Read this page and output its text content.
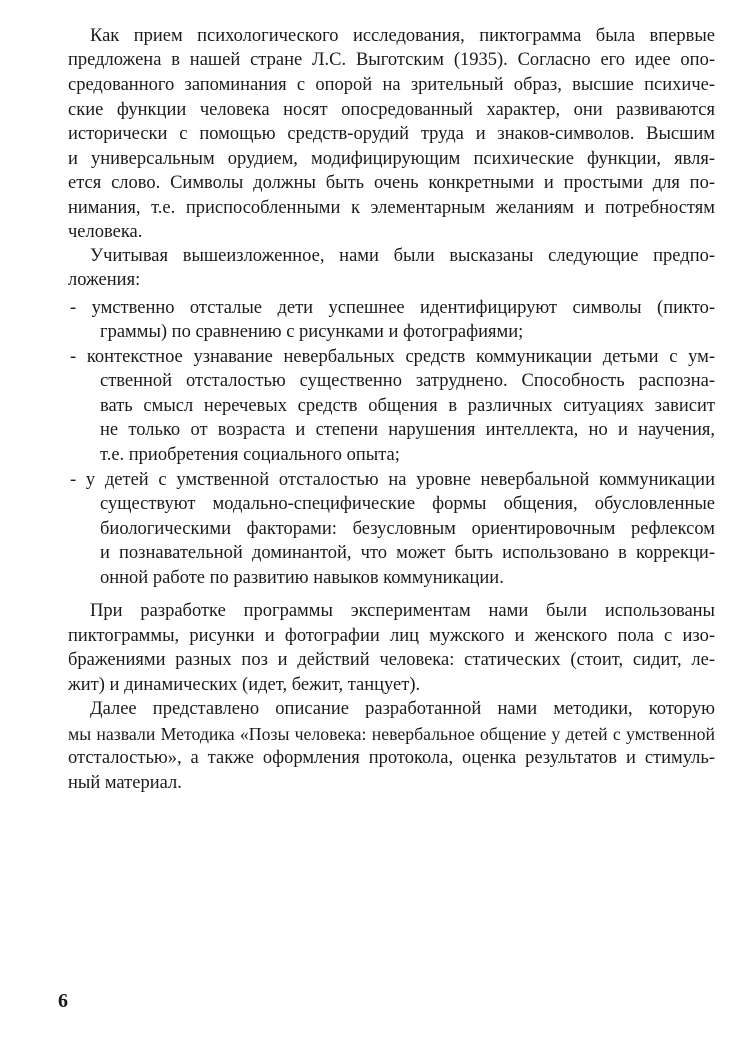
Как прием психологического исследования, пиктограмма была впервые
предложена в нашей стране Л.С. Выготским (1935). Согласно его идее опо-
средованного запоминания с опорой на зрительный образ, высшие психиче-
ские функции человека носят опосредованный характер, они развиваются
исторически с помощью средств-орудий труда и знаков-символов. Высшим
и универсальным орудием, модифицирующим психические функции, явля-
ется слово. Символы должны быть очень конкретными и простыми для по-
нимания, т.е. приспособленными к элементарным желаниям и потребностям
человека.
Учитывая вышеизложенное, нами были высказаны следующие предпо-
ложения:
- умственно отсталые дети успешнее идентифицируют символы (пикто-
граммы) по сравнению с рисунками и фотографиями;
- контекстное узнавание невербальных средств коммуникации детьми с ум-
ственной отсталостью существенно затруднено. Способность распозна-
вать смысл неречевых средств общения в различных ситуациях зависит
не только от возраста и степени нарушения интеллекта, но и научения,
т.е. приобретения социального опыта;
- у детей с умственной отсталостью на уровне невербальной коммуникации
существуют модально-специфические формы общения, обусловленные
биологическими факторами: безусловным ориентировочным рефлексом
и познавательной доминантой, что может быть использовано в коррекци-
онной работе по развитию навыков коммуникации.
При разработке программы экспериментам нами были использованы
пиктограммы, рисунки и фотографии лиц мужского и женского пола с изо-
бражениями разных поз и действий человека: статических (стоит, сидит, ле-
жит) и динамических (идет, бежит, танцует).
Далее представлено описание разработанной нами методики, которую
мы назвали Методика «Позы человека: невербальное общение у детей с умственной
отсталостью», а также оформления протокола, оценка результатов и стимуль-
ный материал.
6
